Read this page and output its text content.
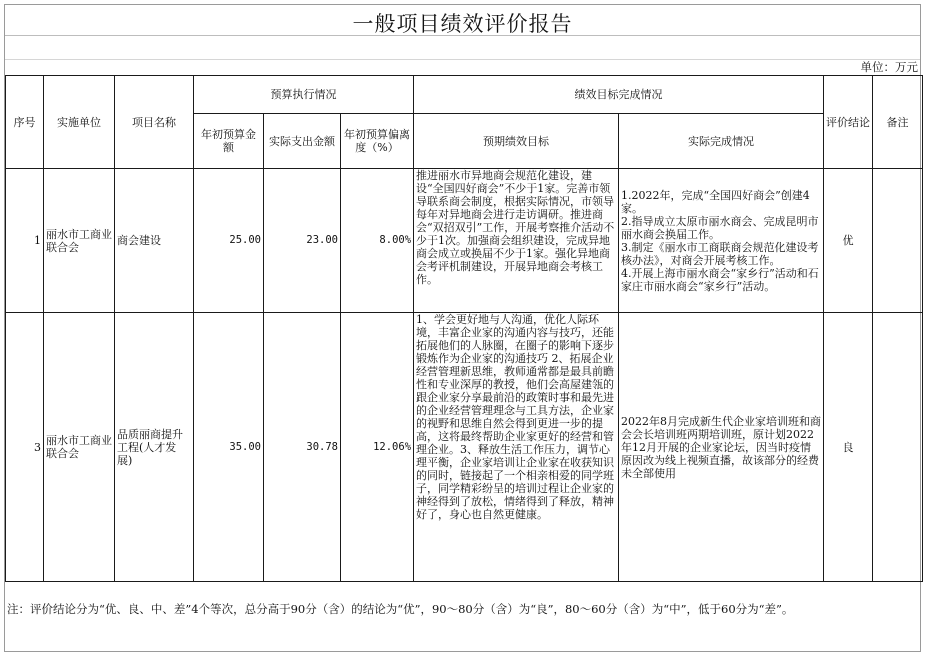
一般项目绩效评价报告
单位：万元
序号	实施单位	项目名称	预算执行情况			绩效目标完成情况		评价结论	备注
			年初预算金额	实际支出金额	年初预算偏离度（%）	预期绩效目标	实际完成情况		
1	丽水市工商业联合会	商会建设	25.00	23.00	8.00%	推进丽水市异地商会规范化建设，建设“全国四好商会”不少于1家。完善市领导联系商会制度，根据实际情况，市领导每年对异地商会进行走访调研。推进商会“双招双引”工作，开展考察推介活动不少于1次。加强商会组织建设，完成异地商会成立或换届不少于1家。强化异地商会考评机制建设，开展异地商会考核工作。	1.2022年，完成“全国四好商会”创建4家。
2.指导成立太原市丽水商会、完成昆明市丽水商会换届工作。
3.制定《丽水市工商联商会规范化建设考核办法》，对商会开展考核工作。
4.开展上海市丽水商会“家乡行”活动和石家庄市丽水商会“家乡行”活动。	优	
3	丽水市工商业联合会	品质丽商提升工程(人才发展)	35.00	30.78	12.06%	1、学会更好地与人沟通，优化人际环境，丰富企业家的沟通内容与技巧，还能拓展他们的人脉圈，在圈子的影响下逐步锻炼作为企业家的沟通技巧 2、拓展企业经营管理新思维，教师通常都是最具前瞻性和专业深厚的教授，他们会高屋建瓴的跟企业家分享最前沿的政策时事和最先进的企业经营管理理念与工具方法，企业家的视野和思维自然会得到更进一步的提高，这将最终帮助企业家更好的经营和管理企业。3、释放生活工作压力，调节心理平衡，企业家培训让企业家在收获知识的同时，链接起了一个相亲相爱的同学班子，同学精彩纷呈的培训过程让企业家的神经得到了放松，情绪得到了释放，精神好了，身心也自然更健康。	2022年8月完成新生代企业家培训班和商会会长培训班两期培训班，原计划2022年12月开展的企业家论坛，因当时疫情原因改为线上视频直播，故该部分的经费未全部使用	良	
注：评价结论分为“优、良、中、差”4个等次，总分高于90分（含）的结论为“优”，90～80分（含）为“良”，80～60分（含）为“中”，低于60分为“差”。
